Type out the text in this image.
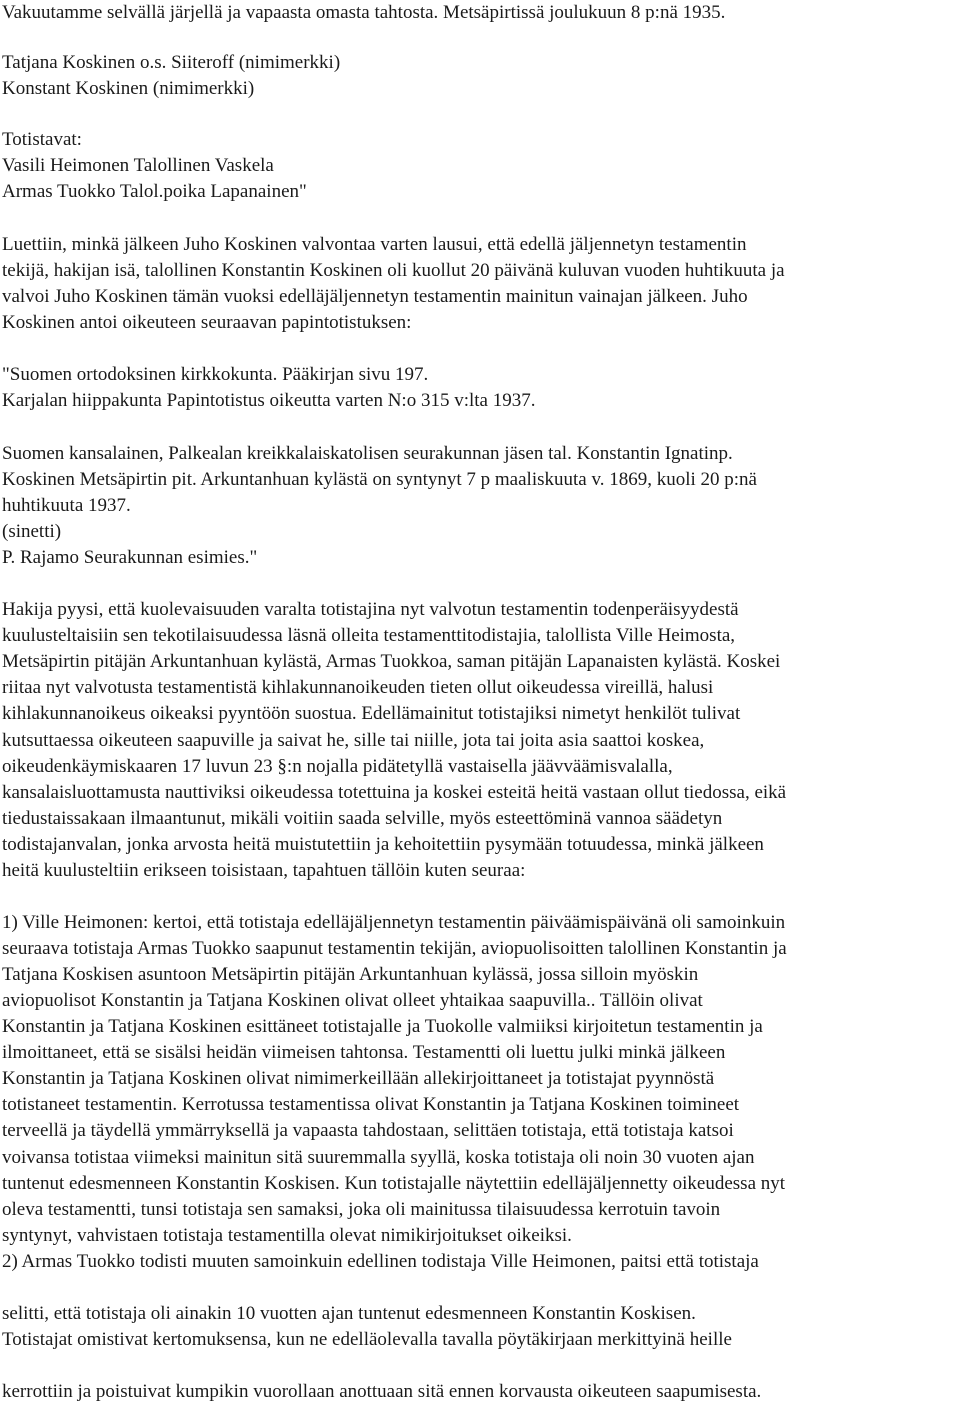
Vakuutamme selvällä järjellä ja vapaasta omasta tahtosta. Metsäpirtissä joulukuun 8 p:nä 1935.
Tatjana Koskinen o.s. Siiteroff (nimimerkki)
Konstant Koskinen (nimimerkki)
Totistavat:
Vasili Heimonen Talollinen Vaskela
Armas Tuokko Talol.poika Lapanainen"
Luettiin, minkä jälkeen Juho Koskinen valvontaa varten lausui, että edellä jäljennetyn testamentin
tekijä, hakijan isä, talollinen Konstantin Koskinen oli kuollut 20 päivänä kuluvan vuoden huhtikuuta ja
valvoi Juho Koskinen tämän vuoksi edelläjäljennetyn testamentin mainitun vainajan jälkeen. Juho
Koskinen antoi oikeuteen seuraavan papintotistuksen:
"Suomen ortodoksinen kirkkokunta. Pääkirjan sivu 197.
Karjalan hiippakunta Papintotistus oikeutta varten N:o 315 v:lta 1937.
Suomen kansalainen, Palkealan kreikkalaiskatolisen seurakunnan jäsen tal. Konstantin Ignatinp.
Koskinen Metsäpirtin pit. Arkuntanhuan kylästä on syntynyt 7 p maaliskuuta v. 1869, kuoli 20 p:nä
huhtikuuta 1937.
(sinetti)
P. Rajamo Seurakunnan esimies."
Hakija pyysi, että kuolevaisuuden varalta totistajina nyt valvotun testamentin todenperäisyydestä
kuulusteltaisiin sen tekotilaisuudessa läsnä olleita testamenttitodistajia, talollista Ville Heimosta,
Metsäpirtin pitäjän Arkuntanhuan kylästä, Armas Tuokkoa, saman pitäjän Lapanaisten kylästä. Koskei
riitaa nyt valvotusta testamentistä kihlakunnanoikeuden tieten ollut oikeudessa vireillä, halusi
kihlakunnanoikeus oikeaksi pyyntöön suostua. Edellämainitut totistajiksi nimetyt henkilöt tulivat
kutsuttaessa oikeuteen saapuville ja saivat he, sille tai niille, jota tai joita asia saattoi koskea,
oikeudenkäymiskaaren 17 luvun 23 §:n nojalla pidätetyllä vastaisella jäävväämisvalalla,
kansalaisluottamusta nauttiviksi oikeudessa totettuina ja koskei esteitä heitä vastaan ollut tiedossa, eikä
tiedustaissakaan ilmaantunut, mikäli voitiin saada selville, myös esteettöminä vannoa säädetyn
todistajanvalan, jonka arvosta heitä muistutettiin ja kehoitettiin pysymään totuudessa, minkä jälkeen
heitä kuulusteltiin erikseen toisistaan, tapahtuen tällöin kuten seuraa:
1) Ville Heimonen: kertoi, että totistaja edelläjäljennetyn testamentin päiväämispäivänä oli samoinkuin
seuraava totistaja Armas Tuokko saapunut testamentin tekijän, aviopuolisoitten talollinen Konstantin ja
Tatjana Koskisen asuntoon Metsäpirtin pitäjän Arkuntanhuan kylässä, jossa silloin myöskin
aviopuolisot Konstantin ja Tatjana Koskinen olivat olleet yhtaikaa saapuvilla.. Tällöin olivat
Konstantin ja Tatjana Koskinen esittäneet totistajalle ja Tuokolle valmiiksi kirjoitetun testamentin ja
ilmoittaneet, että se sisälsi heidän viimeisen tahtonsa. Testamentti oli luettu julki minkä jälkeen
Konstantin ja Tatjana Koskinen olivat nimimerkeillään allekirjoittaneet ja totistajat pyynnöstä
totistaneet testamentin. Kerrotussa testamentissa olivat Konstantin ja Tatjana Koskinen toimineet
terveellä ja täydellä ymmärryksellä ja vapaasta tahdostaan, selittäen totistaja, että totistaja katsoi
voivansa totistaa viimeksi mainitun sitä suuremmalla syyllä, koska totistaja oli noin 30 vuoten ajan
tuntenut edesmenneen Konstantin Koskisen. Kun totistajalle näytettiin edelläjäljennetty oikeudessa nyt
oleva testamentti, tunsi totistaja sen samaksi, joka oli mainitussa tilaisuudessa kerrotuin tavoin
syntynyt, vahvistaen totistaja testamentilla olevat nimikirjoitukset oikeiksi.
2) Armas Tuokko todisti muuten samoinkuin edellinen todistaja Ville Heimonen, paitsi että totistaja
selitti, että totistaja oli ainakin 10 vuotten ajan tuntenut edesmenneen Konstantin Koskisen.
Totistajat omistivat kertomuksensa, kun ne edelläolevalla tavalla pöytäkirjaan merkittyinä heille
kerrottiin ja poistuivat kumpikin vuorollaan anottuaan sitä ennen korvausta oikeuteen saapumisesta.
